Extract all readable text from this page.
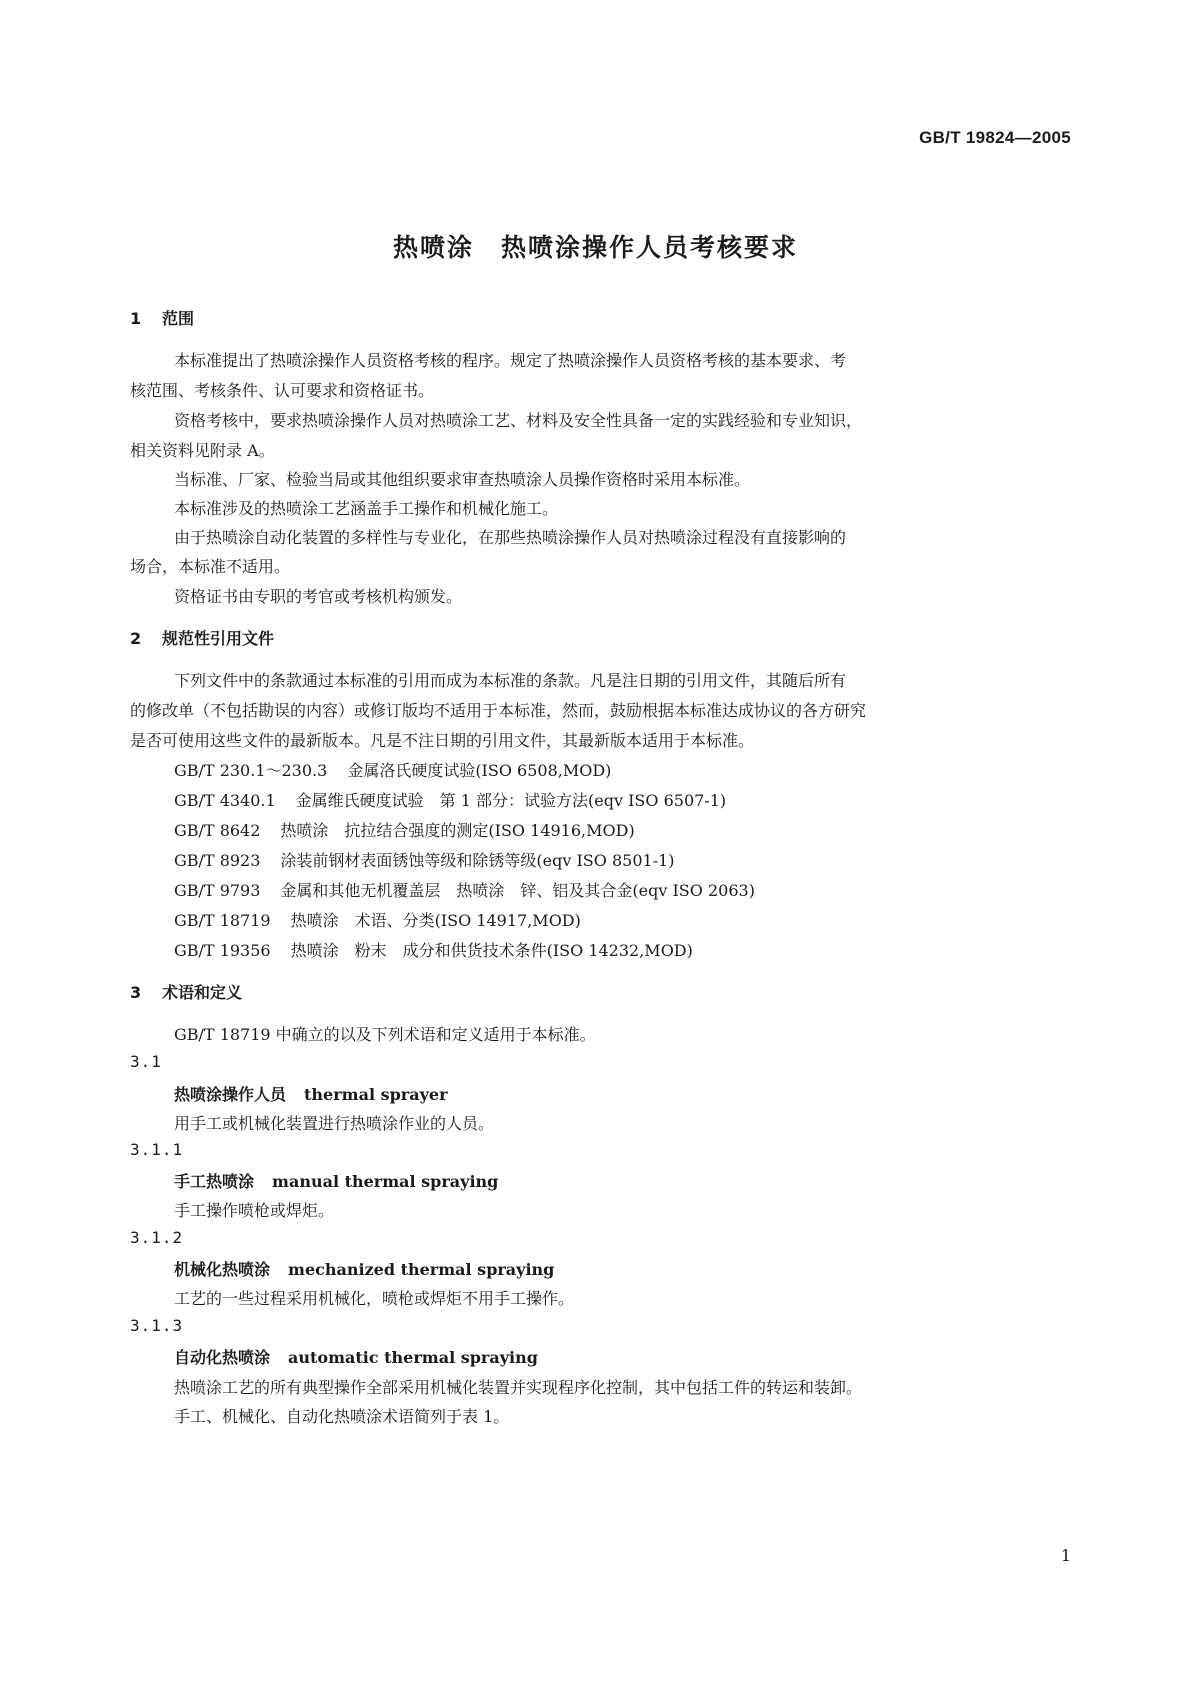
GB/T 19824—2005
热喷涂　热喷涂操作人员考核要求
1 范围
本标准提出了热喷涂操作人员资格考核的程序。规定了热喷涂操作人员资格考核的基本要求、考
核范围、考核条件、认可要求和资格证书。
资格考核中，要求热喷涂操作人员对热喷涂工艺、材料及安全性具备一定的实践经验和专业知识，
相关资料见附录 A。
当标准、厂家、检验当局或其他组织要求审查热喷涂人员操作资格时采用本标准。
本标准涉及的热喷涂工艺涵盖手工操作和机械化施工。
由于热喷涂自动化装置的多样性与专业化，在那些热喷涂操作人员对热喷涂过程没有直接影响的
场合，本标准不适用。
资格证书由专职的考官或考核机构颁发。
2 规范性引用文件
下列文件中的条款通过本标准的引用而成为本标准的条款。凡是注日期的引用文件，其随后所有
的修改单（不包括勘误的内容）或修订版均不适用于本标准，然而，鼓励根据本标准达成协议的各方研究
是否可使用这些文件的最新版本。凡是不注日期的引用文件，其最新版本适用于本标准。
GB/T 230.1～230.3 金属洛氏硬度试验(ISO 6508,MOD)
GB/T 4340.1 金属维氏硬度试验　第 1 部分：试验方法(eqv ISO 6507-1)
GB/T 8642 热喷涂　抗拉结合强度的测定(ISO 14916,MOD)
GB/T 8923 涂装前钢材表面锈蚀等级和除锈等级(eqv ISO 8501-1)
GB/T 9793 金属和其他无机覆盖层　热喷涂　锌、铝及其合金(eqv ISO 2063)
GB/T 18719 热喷涂　术语、分类(ISO 14917,MOD)
GB/T 19356 热喷涂　粉末　成分和供货技术条件(ISO 14232,MOD)
3 术语和定义
GB/T 18719 中确立的以及下列术语和定义适用于本标准。
3.1
热喷涂操作人员 thermal sprayer
用手工或机械化装置进行热喷涂作业的人员。
3.1.1
手工热喷涂 manual thermal spraying
手工操作喷枪或焊炬。
3.1.2
机械化热喷涂 mechanized thermal spraying
工艺的一些过程采用机械化，喷枪或焊炬不用手工操作。
3.1.3
自动化热喷涂 automatic thermal spraying
热喷涂工艺的所有典型操作全部采用机械化装置并实现程序化控制，其中包括工件的转运和装卸。
手工、机械化、自动化热喷涂术语简列于表 1。
1
